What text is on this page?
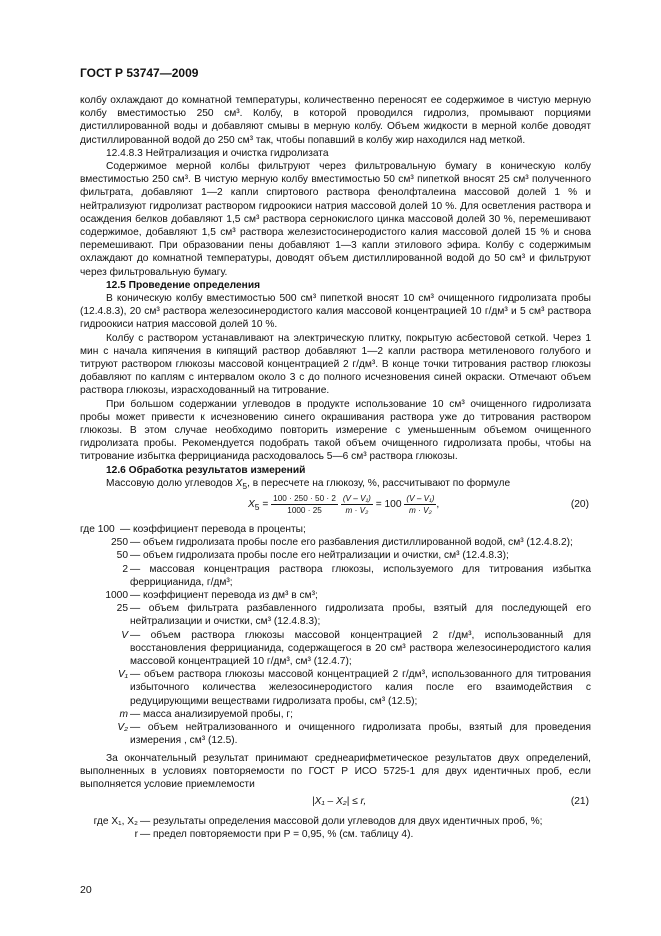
ГОСТ Р 53747—2009

колбу охлаждают до комнатной температуры, количественно переносят ее содержимое в чистую мерную колбу вместимостью 250 см³. Колбу, в которой проводился гидролиз, промывают порциями дистиллированной воды и добавляют смывы в мерную колбу. Объем жидкости в мерной колбе доводят дистиллированной водой до 250 см³ так, чтобы попавший в колбу жир находился над меткой.

12.4.8.3 Нейтрализация и очистка гидролизата

Содержимое мерной колбы фильтруют через фильтровальную бумагу в коническую колбу вместимостью 250 см³. В чистую мерную колбу вместимостью 50 см³ пипеткой вносят 25 см³ полученного фильтрата, добавляют 1—2 капли спиртового раствора фенолфталеина массовой долей 1 % и нейтрализуют гидролизат раствором гидроокиси натрия массовой долей 10 %. Для осветления раствора и осаждения белков добавляют 1,5 см³ раствора сернокислого цинка массовой долей 30 %, перемешивают содержимое, добавляют 1,5 см³ раствора железистосинеродистого калия массовой долей 15 % и снова перемешивают. При образовании пены добавляют 1—3 капли этилового эфира. Колбу с содержимым охлаждают до комнатной температуры, доводят объем дистиллированной водой до 50 см³ и фильтруют через фильтровальную бумагу.

12.5 Проведение определения

В коническую колбу вместимостью 500 см³ пипеткой вносят 10 см³ очищенного гидролизата пробы (12.4.8.3), 20 см³ раствора железосинеродистого калия массовой концентрацией 10 г/дм³ и 5 см³ раствора гидроокиси натрия массовой долей 10 %.

Колбу с раствором устанавливают на электрическую плитку, покрытую асбестовой сеткой. Через 1 мин с начала кипячения в кипящий раствор добавляют 1—2 капли раствора метиленового голубого и титруют раствором глюкозы массовой концентрацией 2 г/дм³. В конце точки титрования раствор глюкозы добавляют по каплям с интервалом около 3 с до полного исчезновения синей окраски. Отмечают объем раствора глюкозы, израсходованный на титрование.

При большом содержании углеводов в продукте использование 10 см³ очищенного гидролизата пробы может привести к исчезновению синего окрашивания раствора уже до титрования раствором глюкозы. В этом случае необходимо повторить измерение с уменьшенным объемом очищенного гидролизата пробы. Рекомендуется подобрать такой объем очищенного гидролизата пробы, чтобы на титрование избытка феррицианида расходовалось 5—6 см³ раствора глюкозы.

12.6 Обработка результатов измерений

Массовую долю углеводов $X_5$, в пересчете на глюкозу, %, рассчитывают по формуле

$X_5 = \frac{100 \cdot 250 \cdot 50 \cdot 2}{1000 \cdot 25}$
$\frac{\text{(V – V₁)}}{\text{m · V₂}} = 100 \frac{\text{(V – V₁)}}{\text{m · V₂}}$ ,	(20)
где 100 — коэффициент перевода в проценты;
250 — объем гидролизата пробы после его разбавления дистиллированной водой, см³ (12.4.8.2);
50 — объем гидролизата пробы после его нейтрализации и очистки, см³ (12.4.8.3);
2 — массовая концентрация раствора глюкозы, используемого для титрования избытка феррицианида, г/дм³;
1000 — коэффициент перевода из дм³ в см³;
25 — объем фильтрата разбавленного гидролизата пробы, взятый для последующей его нейтрализации и очистки, см³ (12.4.8.3);
V — объем раствора глюкозы массовой концентрацией 2 г/дм³, использованный для восстановления феррицианида, содержащегося в 20 см³ раствора железосинеродистого калия массовой концентрацией 10 г/дм³, см³ (12.4.7);
V₁ — объем раствора глюкозы массовой концентрацией 2 г/дм³, использованного для титрования избыточного количества железосинеродистого калия после его взаимодействия с редуцирующими веществами гидролизата пробы, см³ (12.5);
m — масса анализируемой пробы, г;
V₂ — объем нейтрализованного и очищенного гидролизата пробы, взятый для проведения измерения , см³ (12.5).

За окончательный результат принимают среднеарифметическое результатов двух определений, выполненных в условиях повторяемости по ГОСТ Р ИСО 5725-1 для двух идентичных проб, если выполняется условие приемлемости

|X₁ – X₂| ≤ r,	(21)
где X₁, X₂ — результаты определения массовой доли углеводов для двух идентичных проб, %;
r — предел повторяемости при P = 0,95, % (см. таблицу 4).
20
